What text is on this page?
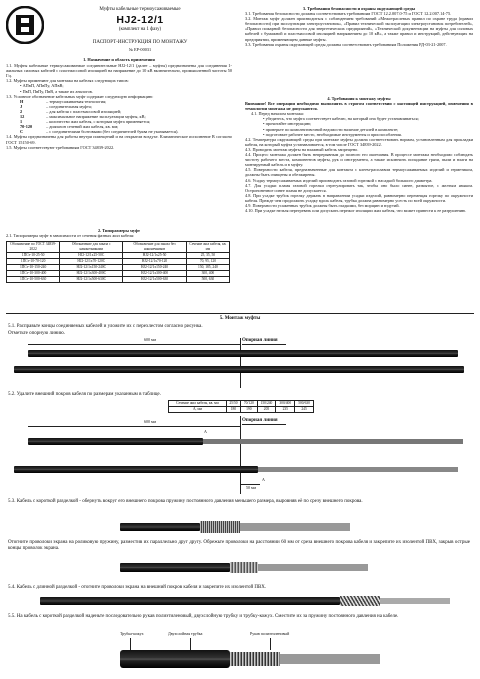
Муфты кабельные термоусаживаемые
HJ2-12/1
(комплект на 1 фазу)
ПАСПОРТ-ИНСТРУКЦИЯ ПО МОНТАЖУ
№ ЕР-00031
1. Назначение и область применения
1.1. Муфты кабельные термоусаживаемые соединительные HJ2-12/1 (далее – муфты) предназначены для соединения 1-жильных силовых кабелей с пластмассовой изоляцией на напряжение до 10 кВ включительно, промышленной частоты 50 Гц.
1.2. Муфты применяют для монтажа на кабелях следующих типов:
• АПвП, АПвПу, АПвВ;
• ПвП, ПвПу, ПвВ, а также их аналогов.
1.3. Условное обозначение кабельных муфт содержит следующую информацию:
Н	– термоусаживаемая технология;
J	– соединительная муфта;
2	– для кабеля с пластмассовой изоляцией;
12	– максимальное напряжение эксплуатации муфты, кВ;
1	– количество жил кабеля, с которым муфта применяется;
70-120	– диапазон сечений жил кабеля, кв. мм;
С	– с соединителями болтовыми (без соединителей буква не указывается).
1.4. Муфты предназначены для работы внутри помещений и на открытом воздухе. Климатическое исполнение В согласно ГОСТ 15150-69.
1.5. Муфты соответствуют требованиям ГОСТ 34839-2022.
2. Типоразмеры муфт
2.1. Типоразмеры муфт в зависимости от сечения фазных жил кабеля:
Обозначение по ГОСТ 34839-2022	Обозначение для заказа с наконечниками	Обозначение для заказа без наконечников	Сечение жил кабеля, кв. мм
1ПСт-10-25-50	HJ2-12/1х25-50С	HJ2-12/1х25-50	25, 35, 50
1ПСт-10-70-120	HJ2-12/1х70-120С	HJ2-12/1х70-120	70, 95, 120
1ПСт-10-150-240	HJ2-12/1х150-240С	HJ2-12/1х150-240	150, 185, 240
1ПСт-10-300-400	HJ2-12/1х300-400С	HJ2-12/1х300-400	300, 400
1ПСт-10-500-630	HJ2-12/1х500-630С	HJ2-12/1х500-630	500, 630
3. Требования безопасности и охраны окружающей среды
3.1. Требования безопасности должны соответствовать требованиям ГОСТ 12.2.007.0-75 и ГОСТ 12.2.007.14-75.
3.2. Монтаж муфт должен производиться с соблюдением требований «Межотраслевых правил по охране труда (правил безопасности) при эксплуатации электроустановок», «Правил технической эксплуатации электроустановок потребителей», «Правил пожарной безопасности для энергетических предприятий», «Технической документации на муфты для силовых кабелей с бумажной и пластмассовой изоляцией напряжением до 10 кВ», а также правил и инструкций, действующих на предприятии, применяющем данные муфты.
3.3. Требования охраны окружающей среды должны соответствовать требованиям Положения РД-03-21-2007.
4. Требования к монтажу муфты
Внимание! Все операции необходимо выполнять в строгом соответствии с настоящей инструкцией, изменения в технологии монтажа не допускаются.
4.1. Перед началом монтажа:
• убедитесь, что муфта соответствует кабелю, на который она будет устанавливаться;
• прочитайте инструкцию;
• проверьте по комплектовочной ведомости наличие деталей в комплекте;
• подготовьте рабочее место, необходимые инструменты и приспособления.
4.2. Температура окружающей среды при монтаже муфты должна соответствовать нормам, установленным для прокладки кабеля, на который муфта устанавливается, в том числе ГОСТ 34839-2022.
4.3. Проводить монтаж муфты на влажный кабель запрещено.
4.4. Процесс монтажа должен быть непрерывным до полного его окончания. В процессе монтажа необходимо соблюдать чистоту рабочего места, компонентов муфты, рук и инструмента, а также исключить попадание грязи, пыли и влаги на монтируемый кабель и в муфту.
4.5. Поверхности кабеля, предназначенные для контакта с клеем-расплавом термоусаживаемых изделий и герметиком, должны быть очищены и обезжирены.
4.6. Усадку термоусаживаемых изделий производить газовой горелкой с насадкой большого диаметра.
4.7. Для усадки пламя газовой горелки отрегулировать так, чтобы оно было синее, размытое, с желтым языком. Острононечное синее пламя не допускается.
4.8. При усадке трубок горелку держать в направлении усадки изделий, равномерно перемещая горелку по окружности кабеля. Прежде чем продолжить усадку вдоль кабеля, трубка должна равномерно усесть по всей окружности.
4.9. Поверхности усаженных трубок должны быть гладкими, без морщин и вздутий.
4.10. При усадке нельзя перегревать или допускать пережог изоляции жил кабеля, что может привести к ее разрушению.
5. Монтаж муфты
5.1. Расправьте концы соединяемых кабелей и уложите их с перехлестом согласно рисунка.
Отметьте опорную линию.
600 мм	Опорная линия
5.2. Удалите внешний покров кабеля по размерам указанным в таблице.
Сечение жил кабеля, кв. мм	25/50	70/120	150/240	300/400	500/630
А, мм	180	190	205	235	245
600 мм	Опорная линия
A
A
50 мм
5.3. Кабель с короткой разделкой - обернуть вокруг его внешнего покрова пружину постоянного давления меньшего размера, выровняв её по срезу внешнего покрова.
Отогните проволоки экрана на роликовую пружину, разместив их параллельно друг другу. Обрежьте проволоки на расстоянии 60 мм от среза внешнего покрова кабеля и закрепите их изолентой ПВХ, закрыв острые концы проволок экрана.
5.4. Кабель с длинной разделкой - отогните проволоки экрана на внешний покров кабеля и закрепите их изолентой ПВХ.
5.5. На кабель с короткой разделкой наденьте последовательно рукав полиэтиленовый, двухслойную трубку и трубку-кожух. Сместите их за пружину постоянного давления на кабеле.
Трубка-кожух	Двухслойная трубка	Рукав полиэтиленовый
